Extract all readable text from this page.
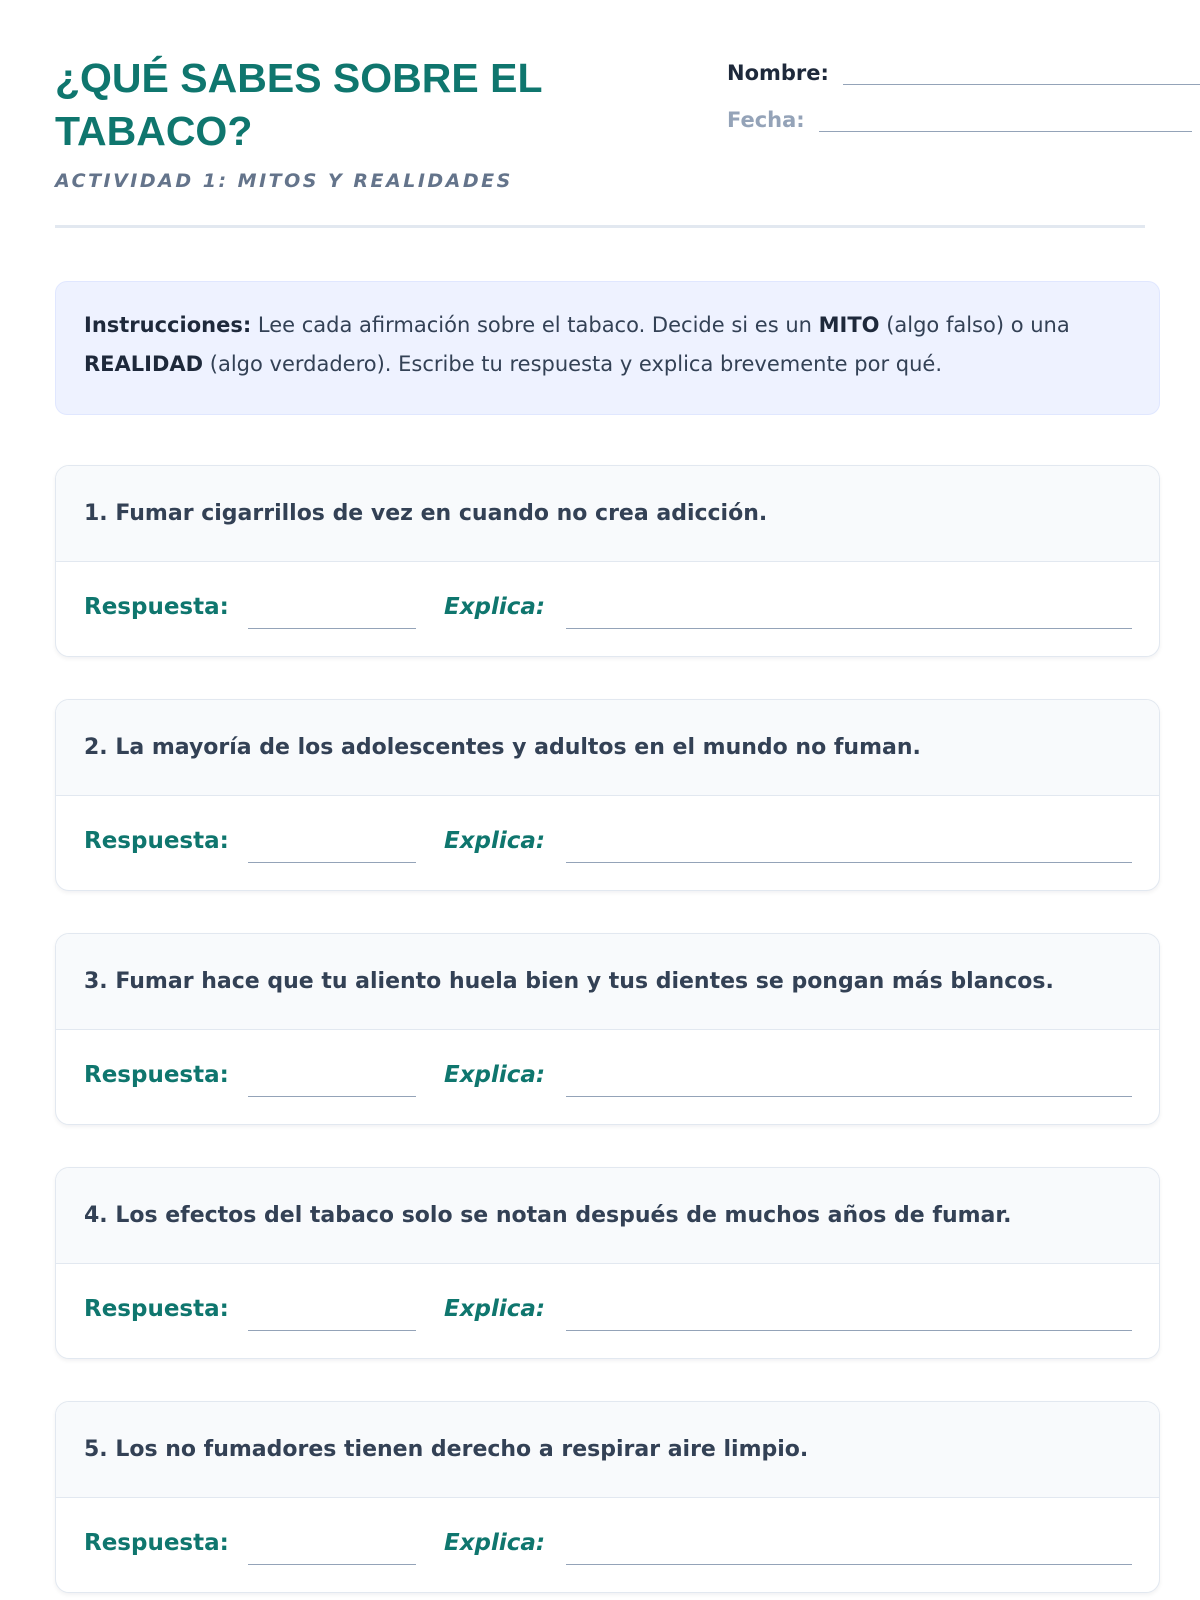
¿QUÉ SABES SOBRE EL TABACO?

ACTIVIDAD 1: MITOS Y REALIDADES

Nombre:
Fecha:
Instrucciones: Lee cada afirmación sobre el tabaco. Decide si es un MITO (algo falso) o una REALIDAD (algo verdadero). Escribe tu respuesta y explica brevemente por qué.
1. Fumar cigarrillos de vez en cuando no crea adicción.
Respuesta:	Explica:
2. La mayoría de los adolescentes y adultos en el mundo no fuman.
Respuesta:	Explica:
3. Fumar hace que tu aliento huela bien y tus dientes se pongan más blancos.
Respuesta:	Explica:
4. Los efectos del tabaco solo se notan después de muchos años de fumar.
Respuesta:	Explica:
5. Los no fumadores tienen derecho a respirar aire limpio.
Respuesta:	Explica:
